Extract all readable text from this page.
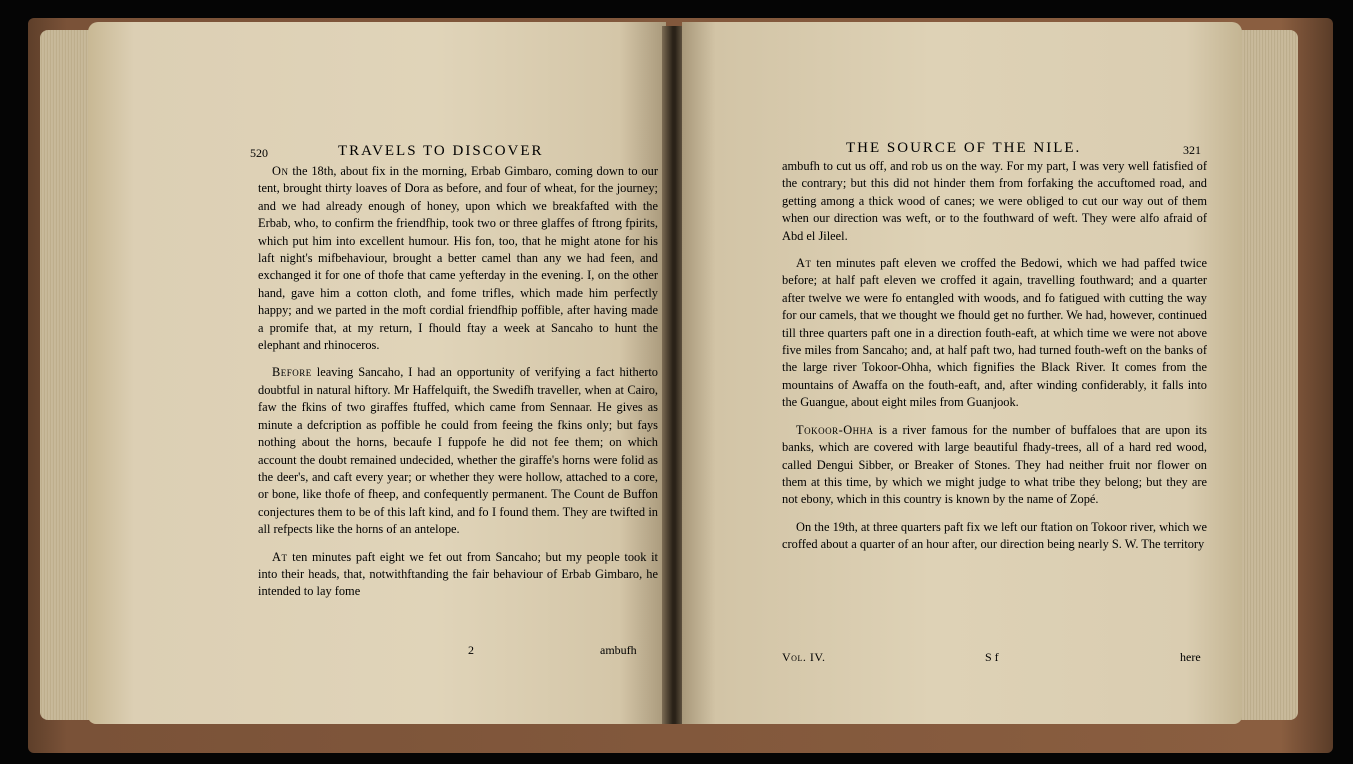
520	TRAVELS TO DISCOVER

On the 18th, about fix in the morning, Erbab Gimbaro, coming down to our tent, brought thirty loaves of Dora as before, and four of wheat, for the journey; and we had already enough of honey, upon which we breakfafted with the Erbab, who, to confirm the friendfhip, took two or three glaffes of ftrong fpirits, which put him into excellent humour. His fon, too, that he might atone for his laft night's mifbehaviour, brought a better camel than any we had feen, and exchanged it for one of thofe that came yefterday in the evening. I, on the other hand, gave him a cotton cloth, and fome trifles, which made him perfectly happy; and we parted in the moft cordial friendfhip poffible, after having made a promife that, at my return, I fhould ftay a week at Sancaho to hunt the elephant and rhinoceros.

Before leaving Sancaho, I had an opportunity of verifying a fact hitherto doubtful in natural hiftory. Mr Haffelquift, the Swedifh traveller, when at Cairo, faw the fkins of two giraffes ftuffed, which came from Sennaar. He gives as minute a defcription as poffible he could from feeing the fkins only; but fays nothing about the horns, becaufe I fuppofe he did not fee them; on which account the doubt remained undecided, whether the giraffe's horns were folid as the deer's, and caft every year; or whether they were hollow, attached to a core, or bone, like thofe of fheep, and confequently permanent. The Count de Buffon conjectures them to be of this laft kind, and fo I found them. They are twifted in all refpects like the horns of an antelope.

At ten minutes paft eight we fet out from Sancaho; but my people took it into their heads, that, notwithftanding the fair behaviour of Erbab Gimbaro, he intended to lay fome

2	ambufh
THE SOURCE OF THE NILE.	321

ambufh to cut us off, and rob us on the way. For my part, I was very well fatisfied of the contrary; but this did not hinder them from forfaking the accuftomed road, and getting among a thick wood of canes; we were obliged to cut our way out of them when our direction was weft, or to the fouthward of weft. They were alfo afraid of Abd el Jileel.

At ten minutes paft eleven we croffed the Bedowi, which we had paffed twice before; at half paft eleven we croffed it again, travelling fouthward; and a quarter after twelve we were fo entangled with woods, and fo fatigued with cutting the way for our camels, that we thought we fhould get no further. We had, however, continued till three quarters paft one in a direction fouth-eaft, at which time we were not above five miles from Sancaho; and, at half paft two, had turned fouth-weft on the banks of the large river Tokoor-Ohha, which fignifies the Black River. It comes from the mountains of Awaffa on the fouth-eaft, and, after winding confiderably, it falls into the Guangue, about eight miles from Guanjook.

Tokoor-Ohha is a river famous for the number of buffaloes that are upon its banks, which are covered with large beautiful fhady-trees, all of a hard red wood, called Dengui Sibber, or Breaker of Stones. They had neither fruit nor flower on them at this time, by which we might judge to what tribe they belong; but they are not ebony, which in this country is known by the name of Zopé.

On the 19th, at three quarters paft fix we left our ftation on Tokoor river, which we croffed about a quarter of an hour after, our direction being nearly S. W. The territory

Vol. IV.	S f	here
